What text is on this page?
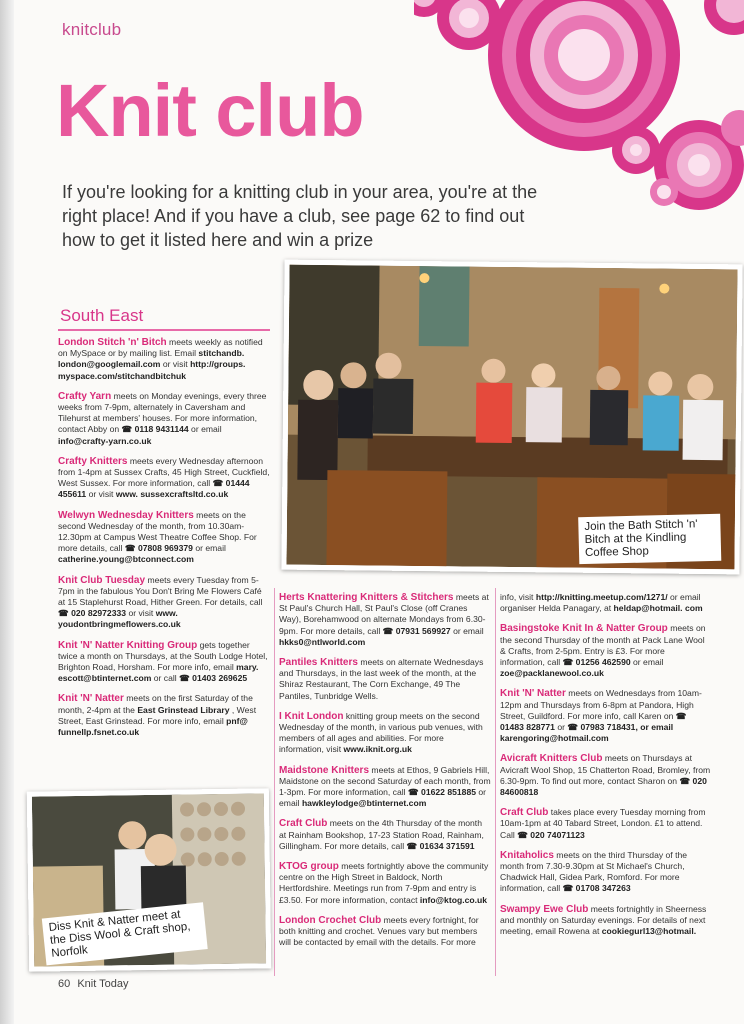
knitclub
Knit club
If you're looking for a knitting club in your area, you're at the right place! And if you have a club, see page 62 to find out how to get it listed here and win a prize
Join the Bath Stitch 'n' Bitch at the Kindling Coffee Shop
Diss Knit & Natter meet at the Diss Wool & Craft shop, Norfolk
South East
London Stitch 'n' Bitch meets weekly as notified on MySpace or by mailing list. Email stitchandb. london@googlemail.com or visit http://groups. myspace.com/stitchandbitchuk
Crafty Yarn meets on Monday evenings, every three weeks from 7-9pm, alternately in Caversham and Tilehurst at members' houses. For more information, contact Abby on ☎ 0118 9431144 or email info@crafty-yarn.co.uk
Crafty Knitters meets every Wednesday afternoon from 1-4pm at Sussex Crafts, 45 High Street, Cuckfield, West Sussex. For more information, call ☎ 01444 455611 or visit www. sussexcraftsltd.co.uk
Welwyn Wednesday Knitters meets on the second Wednesday of the month, from 10.30am-12.30pm at Campus West Theatre Coffee Shop. For more details, call ☎ 07808 969379 or email catherine.young@btconnect.com
Knit Club Tuesday meets every Tuesday from 5-7pm in the fabulous You Don't Bring Me Flowers Café at 15 Staplehurst Road, Hither Green. For details, call ☎ 020 82972333 or visit www. youdontbringmeflowers.co.uk
Knit 'N' Natter Knitting Group gets together twice a month on Thursdays, at the South Lodge Hotel, Brighton Road, Horsham. For more info, email mary. escott@btinternet.com or call ☎ 01403 269625
Knit 'N' Natter meets on the first Saturday of the month, 2-4pm at the East Grinstead Library , West Street, East Grinstead. For more info, email pnf@ funnellp.fsnet.co.uk
Herts Knattering Knitters & Stitchers meets at St Paul's Church Hall, St Paul's Close (off Cranes Way), Borehamwood on alternate Mondays from 6.30-9pm. For more details, call ☎ 07931 569927 or email hkks0@ntlworld.com
Pantiles Knitters meets on alternate Wednesdays and Thursdays, in the last week of the month, at the Shiraz Restaurant, The Corn Exchange, 49 The Pantiles, Tunbridge Wells.
I Knit London knitting group meets on the second Wednesday of the month, in various pub venues, with members of all ages and abilities. For more information, visit www.iknit.org.uk
Maidstone Knitters meets at Ethos, 9 Gabriels Hill, Maidstone on the second Saturday of each month, from 1-3pm. For more information, call ☎ 01622 851885 or email hawkleylodge@btinternet.com
Craft Club meets on the 4th Thursday of the month at Rainham Bookshop, 17-23 Station Road, Rainham, Gillingham. For more details, call ☎ 01634 371591
KTOG group meets fortnightly above the community centre on the High Street in Baldock, North Hertfordshire. Meetings run from 7-9pm and entry is £3.50. For more information, contact info@ktog.co.uk
London Crochet Club meets every fortnight, for both knitting and crochet. Venues vary but members will be contacted by email with the details. For more
info, visit http://knitting.meetup.com/1271/ or email organiser Helda Panagary, at heldap@hotmail. com
Basingstoke Knit In & Natter Group meets on the second Thursday of the month at Pack Lane Wool & Crafts, from 2-5pm. Entry is £3. For more information, call ☎ 01256 462590 or email zoe@packlanewool.co.uk
Knit 'N' Natter meets on Wednesdays from 10am-12pm and Thursdays from 6-8pm at Pandora, High Street, Guildford. For more info, call Karen on ☎ 01483 828771 or ☎ 07983 718431, or email karengoring@hotmail.com
Avicraft Knitters Club meets on Thursdays at Avicraft Wool Shop, 15 Chatterton Road, Bromley, from 6.30-9pm. To find out more, contact Sharon on ☎ 020 84600818
Craft Club takes place every Tuesday morning from 10am-1pm at 40 Tabard Street, London. £1 to attend. Call ☎ 020 74071123
Knitaholics meets on the third Thursday of the month from 7.30-9.30pm at St Michael's Church, Chadwick Hall, Gidea Park, Romford. For more information, call ☎ 01708 347263
Swampy Ewe Club meets fortnightly in Sheerness and monthly on Saturday evenings. For details of next meeting, email Rowena at cookiegurl13@hotmail.
60 Knit Today
